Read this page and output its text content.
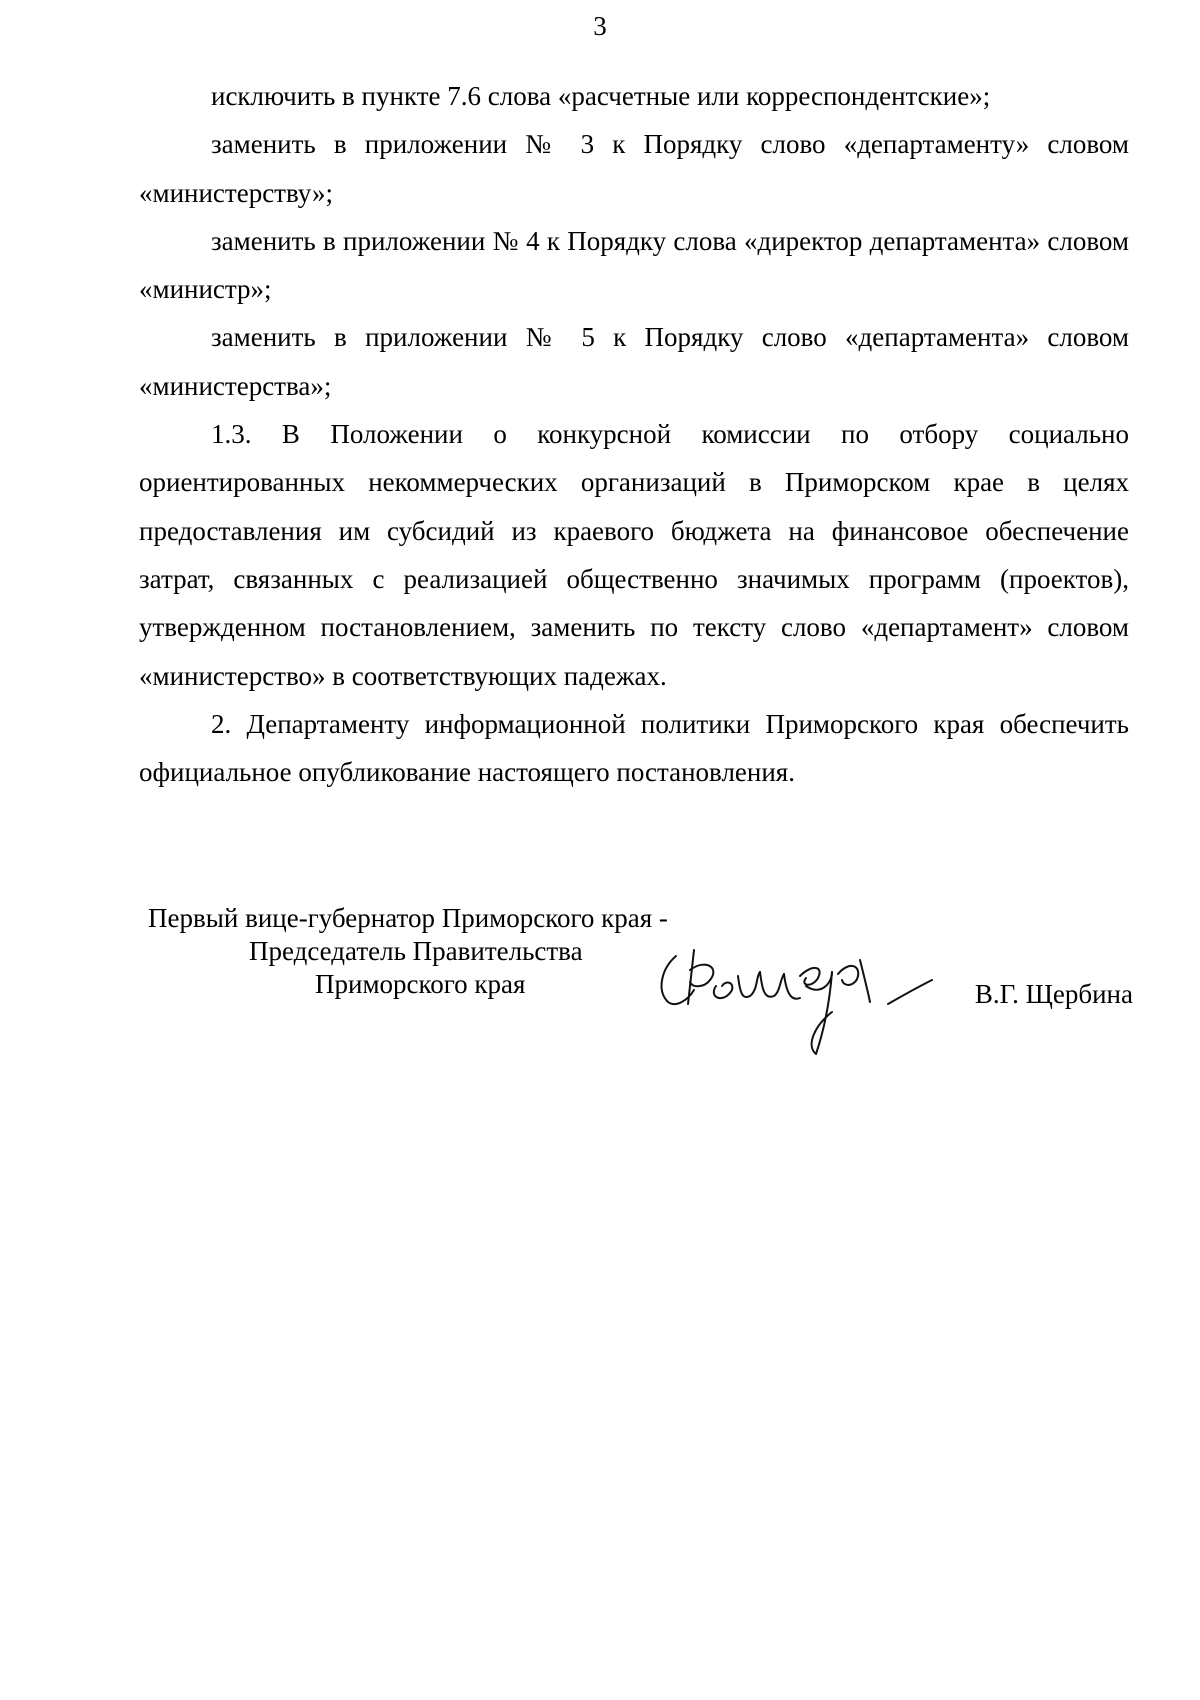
3

исключить в пункте 7.6 слова «расчетные или корреспондентские»;

заменить в приложении № 3 к Порядку слово «департаменту» словом «министерству»;

заменить в приложении № 4 к Порядку слова «директор департамента» словом «министр»;

заменить в приложении № 5 к Порядку слово «департамента» словом «министерства»;

1.3. В Положении о конкурсной комиссии по отбору социально ориентированных некоммерческих организаций в Приморском крае в целях предоставления им субсидий из краевого бюджета на финансовое обеспечение затрат, связанных с реализацией общественно значимых программ (проектов), утвержденном постановлением, заменить по тексту слово «департамент» словом «министерство» в соответствующих падежах.

2. Департаменту информационной политики Приморского края обеспечить официальное опубликование настоящего постановления.

Первый вице-губернатор Приморского края -
Председатель Правительства
Приморского края	В.Г. Щербина
